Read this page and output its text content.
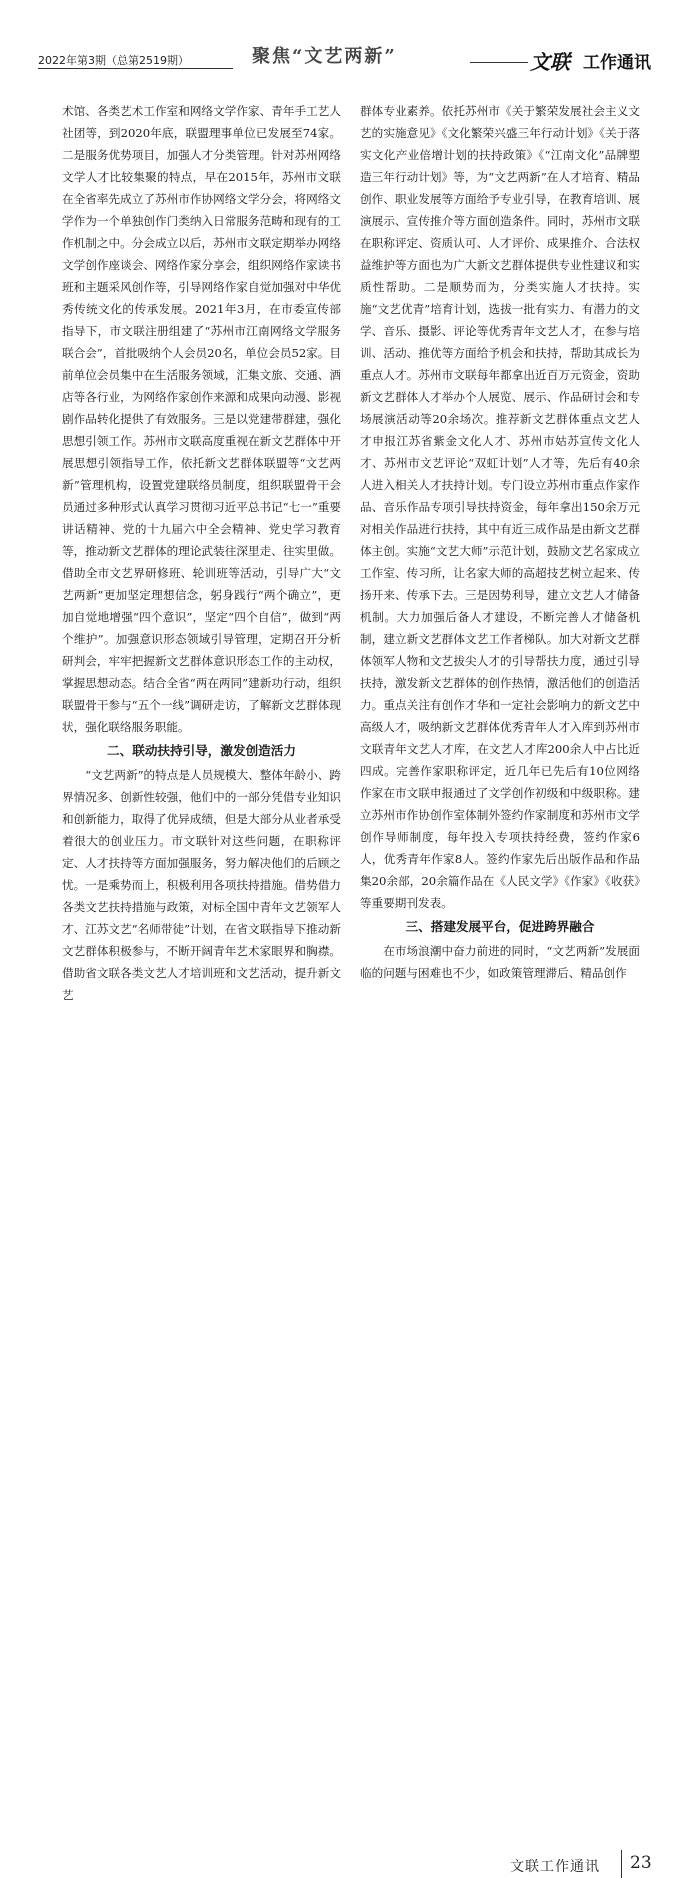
2022年第3期（总第2519期）	聚焦“文艺两新”	文联 工作通讯

术馆、各类艺术工作室和网络文学作家、青年手工艺人社团等，到2020年底，联盟理事单位已发展至74家。二是服务优势项目，加强人才分类管理。针对苏州网络文学人才比较集聚的特点，早在2015年，苏州市文联在全省率先成立了苏州市作协网络文学分会，将网络文学作为一个单独创作门类纳入日常服务范畴和现有的工作机制之中。分会成立以后，苏州市文联定期举办网络文学创作座谈会、网络作家分享会，组织网络作家读书班和主题采风创作等，引导网络作家自觉加强对中华优秀传统文化的传承发展。2021年3月，在市委宣传部指导下，市文联注册组建了“苏州市江南网络文学服务联合会”，首批吸纳个人会员20名，单位会员52家。目前单位会员集中在生活服务领域，汇集文旅、交通、酒店等各行业，为网络作家创作来源和成果向动漫、影视剧作品转化提供了有效服务。三是以党建带群建，强化思想引领工作。苏州市文联高度重视在新文艺群体中开展思想引领指导工作，依托新文艺群体联盟等“文艺两新”管理机构，设置党建联络员制度，组织联盟骨干会员通过多种形式认真学习贯彻习近平总书记“七一”重要讲话精神、党的十九届六中全会精神、党史学习教育等，推动新文艺群体的理论武装往深里走、往实里做。借助全市文艺界研修班、轮训班等活动，引导广大“文艺两新”更加坚定理想信念，躬身践行“两个确立”，更加自觉地增强“四个意识”，坚定“四个自信”，做到“两个维护”。加强意识形态领域引导管理，定期召开分析研判会，牢牢把握新文艺群体意识形态工作的主动权，掌握思想动态。结合全省“两在两同”建新功行动，组织联盟骨干参与“五个一线”调研走访，了解新文艺群体现状，强化联络服务职能。

二、联动扶持引导，激发创造活力

“文艺两新”的特点是人员规模大、整体年龄小、跨界情况多、创新性较强，他们中的一部分凭借专业知识和创新能力，取得了优异成绩，但是大部分从业者承受着很大的创业压力。市文联针对这些问题，在职称评定、人才扶持等方面加强服务，努力解决他们的后顾之忧。一是乘势而上，积极利用各项扶持措施。借势借力各类文艺扶持措施与政策，对标全国中青年文艺领军人才、江苏文艺“名师带徒”计划，在省文联指导下推动新文艺群体积极参与，不断开阔青年艺术家眼界和胸襟。借助省文联各类文艺人才培训班和文艺活动，提升新文艺

群体专业素养。依托苏州市《关于繁荣发展社会主义文艺的实施意见》《文化繁荣兴盛三年行动计划》《关于落实文化产业倍增计划的扶持政策》《“江南文化”品牌塑造三年行动计划》等，为“文艺两新”在人才培育、精品创作、职业发展等方面给予专业引导，在教育培训、展演展示、宣传推介等方面创造条件。同时，苏州市文联在职称评定、资质认可、人才评价、成果推介、合法权益维护等方面也为广大新文艺群体提供专业性建议和实质性帮助。二是顺势而为，分类实施人才扶持。实施“文艺优青”培育计划，选拔一批有实力、有潜力的文学、音乐、摄影、评论等优秀青年文艺人才，在参与培训、活动、推优等方面给予机会和扶持，帮助其成长为重点人才。苏州市文联每年都拿出近百万元资金，资助新文艺群体人才举办个人展览、展示、作品研讨会和专场展演活动等20余场次。推荐新文艺群体重点文艺人才申报江苏省紫金文化人才、苏州市姑苏宣传文化人才、苏州市文艺评论“双虹计划”人才等，先后有40余人进入相关人才扶持计划。专门设立苏州市重点作家作品、音乐作品专项引导扶持资金，每年拿出150余万元对相关作品进行扶持，其中有近三成作品是由新文艺群体主创。实施“文艺大师”示范计划，鼓励文艺名家成立工作室、传习所，让名家大师的高超技艺树立起来、传扬开来、传承下去。三是因势利导，建立文艺人才储备机制。大力加强后备人才建设，不断完善人才储备机制，建立新文艺群体文艺工作者梯队。加大对新文艺群体领军人物和文艺拔尖人才的引导帮扶力度，通过引导扶持，激发新文艺群体的创作热情，激活他们的创造活力。重点关注有创作才华和一定社会影响力的新文艺中高级人才，吸纳新文艺群体优秀青年人才入库到苏州市文联青年文艺人才库，在文艺人才库200余人中占比近四成。完善作家职称评定，近几年已先后有10位网络作家在市文联申报通过了文学创作初级和中级职称。建立苏州市作协创作室体制外签约作家制度和苏州市文学创作导师制度，每年投入专项扶持经费，签约作家6人，优秀青年作家8人。签约作家先后出版作品和作品集20余部，20余篇作品在《人民文学》《作家》《收获》等重要期刊发表。

三、搭建发展平台，促进跨界融合

在市场浪潮中奋力前进的同时，“文艺两新”发展面临的问题与困难也不少，如政策管理滞后、精品创作

文联工作通讯 23
